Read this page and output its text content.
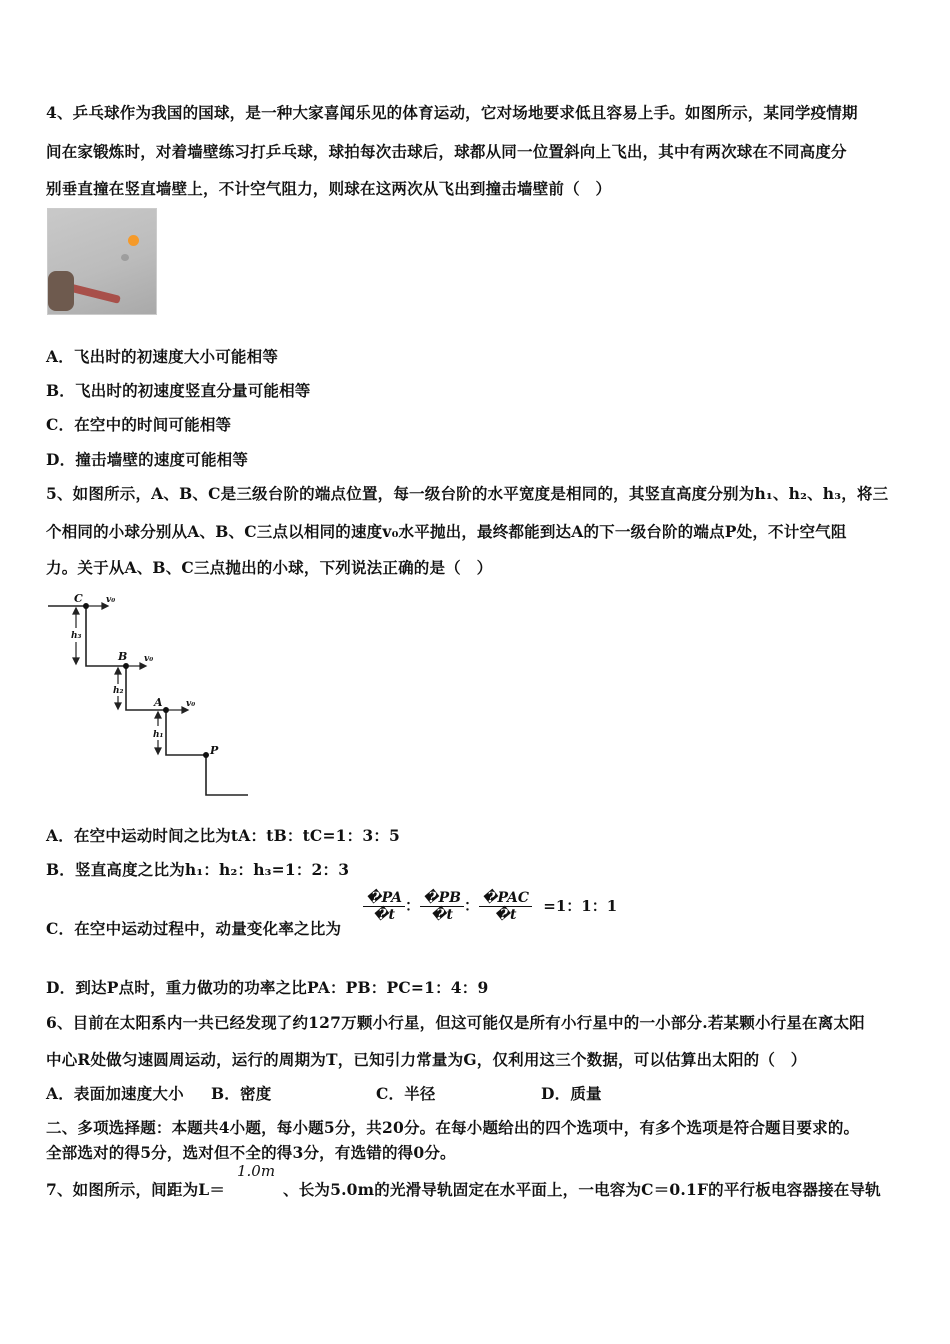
4、乒乓球作为我国的国球，是一种大家喜闻乐见的体育运动，它对场地要求低且容易上手。如图所示，某同学疫情期
间在家锻炼时，对着墙壁练习打乒乓球，球拍每次击球后，球都从同一位置斜向上飞出，其中有两次球在不同高度分
别垂直撞在竖直墙壁上，不计空气阻力，则球在这两次从飞出到撞击墙壁前（　）
A．飞出时的初速度大小可能相等
B．飞出时的初速度竖直分量可能相等
C．在空中的时间可能相等
D．撞击墙壁的速度可能相等
5、如图所示，A、B、C是三级台阶的端点位置，每一级台阶的水平宽度是相同的，其竖直高度分别为h₁、h₂、h₃，将三
个相同的小球分别从A、B、C三点以相同的速度v₀水平抛出，最终都能到达A的下一级台阶的端点P处，不计空气阻
力。关于从A、B、C三点抛出的小球，下列说法正确的是（　）
C
B
A
P
v₀
v₀
v₀
h₃
h₂
h₁
A．在空中运动时间之比为tA：tB：tC=1：3：5
B．竖直高度之比为h₁：h₂：h₃=1：2：3
C．在空中运动过程中，动量变化率之比为
$\frac{�PA}{�t}$ ： $\frac{�PB}{�t}$ ： $\frac{\text{�PAC}}{�t} =1$：1：1
D．到达P点时，重力做功的功率之比PA：PB：PC=1：4：9
6、目前在太阳系内一共已经发现了约127万颗小行星，但这可能仅是所有小行星中的一小部分.若某颗小行星在离太阳
中心R处做匀速圆周运动，运行的周期为T，已知引力常量为G，仅利用这三个数据，可以估算出太阳的（　）
A．表面加速度大小 B．密度	C．半径	D．质量
二、多项选择题：本题共4小题，每小题5分，共20分。在每小题给出的四个选项中，有多个选项是符合题目要求的。
全部选对的得5分，选对但不全的得3分，有选错的得0分。
7、如图所示，间距为L＝
1.0m
、长为5.0m的光滑导轨固定在水平面上，一电容为C＝0.1F的平行板电容器接在导轨
